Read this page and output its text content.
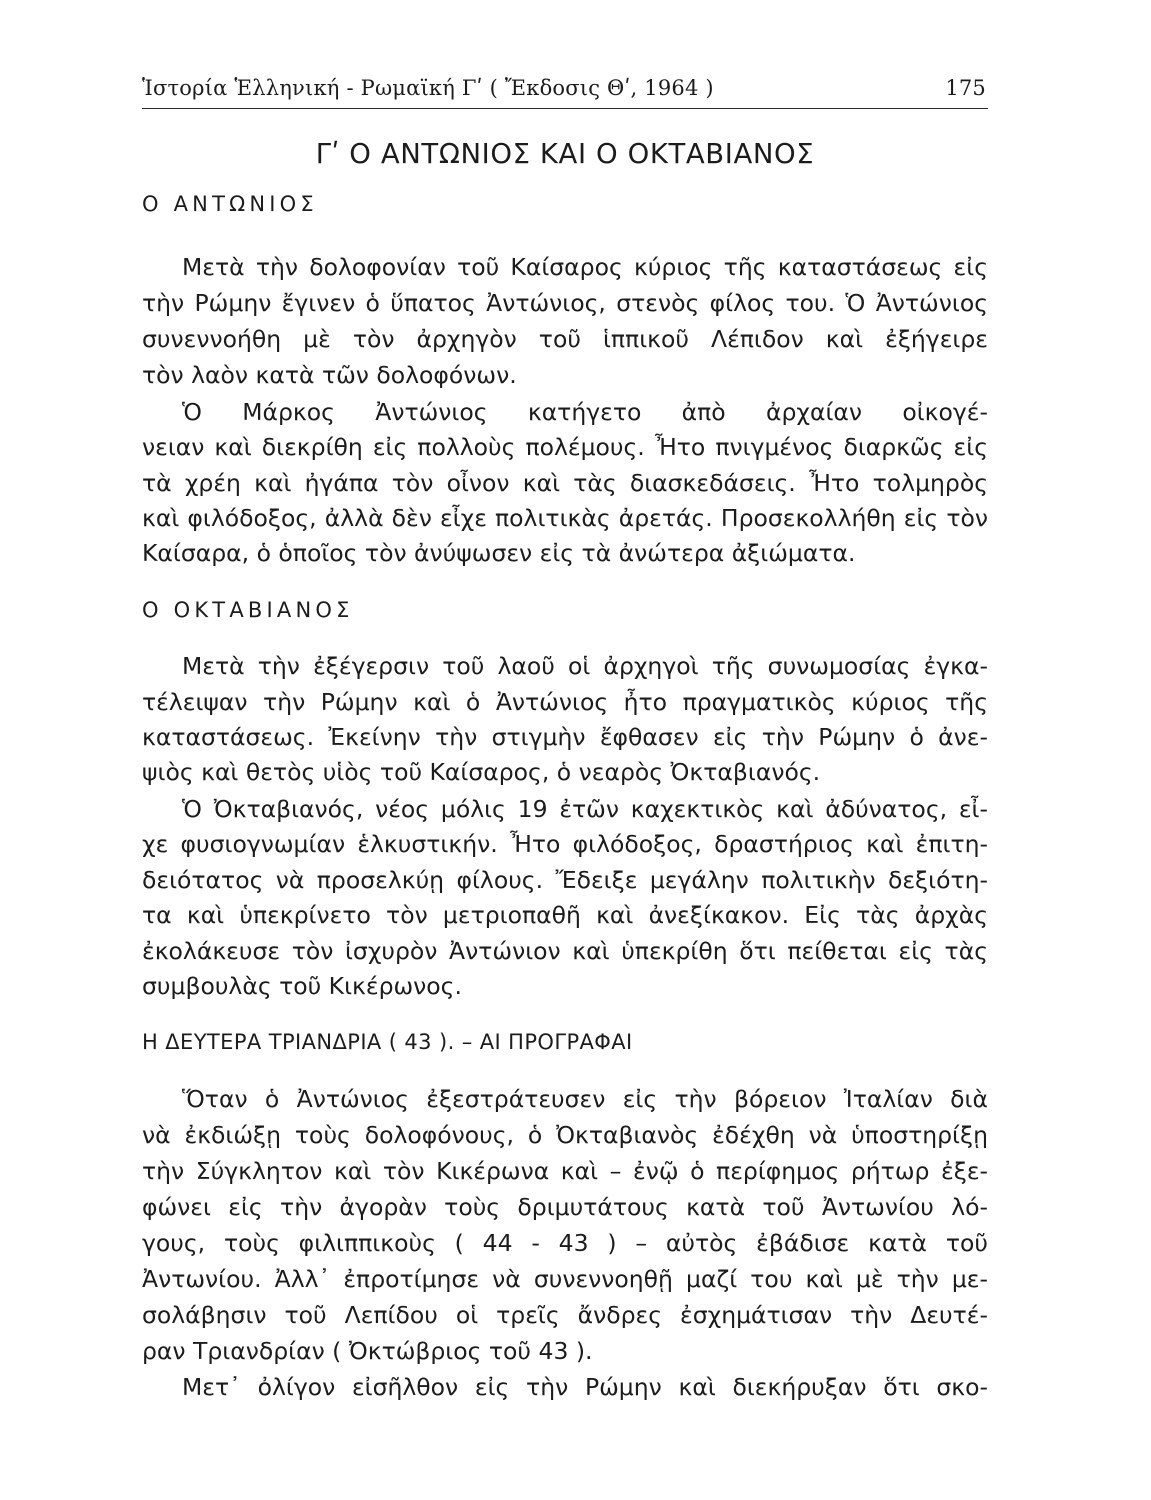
Ἱστορία Ἑλληνική - Ρωμαϊκή Γʹ ( Ἔκδοσις Θʹ, 1964 )	175
Γʹ Ο ΑΝΤΩΝΙΟΣ ΚΑΙ Ο ΟΚΤΑΒΙΑΝΟΣ
Ο ΑΝΤΩΝΙΟΣ
Μετὰ τὴν δολοφονίαν τοῦ Καίσαρος κύριος τῆς καταστάσεως εἰς
τὴν Ρώμην ἔγινεν ὁ ὕπατος Ἀντώνιος, στενὸς φίλος του. Ὁ Ἀντώνιος
συνεννοήθη μὲ τὸν ἀρχηγὸν τοῦ ἱππικοῦ Λέπιδον καὶ ἐξήγειρε
τὸν λαὸν κατὰ τῶν δολοφόνων.
Ὁ Μάρκος Ἀντώνιος κατήγετο ἀπὸ ἀρχαίαν οἰκογέ-
νειαν καὶ διεκρίθη εἰς πολλοὺς πολέμους. Ἦτο πνιγμένος διαρκῶς εἰς
τὰ χρέη καὶ ἠγάπα τὸν οἶνον καὶ τὰς διασκεδάσεις. Ἦτο τολμηρὸς
καὶ φιλόδοξος, ἀλλὰ δὲν εἶχε πολιτικὰς ἀρετάς. Προσεκολλήθη εἰς τὸν
Καίσαρα, ὁ ὁποῖος τὸν ἀνύψωσεν εἰς τὰ ἀνώτερα ἀξιώματα.
Ο ΟΚΤΑΒΙΑΝΟΣ
Μετὰ τὴν ἐξέγερσιν τοῦ λαοῦ οἱ ἀρχηγοὶ τῆς συνωμοσίας ἐγκα-
τέλειψαν τὴν Ρώμην καὶ ὁ Ἀντώνιος ἦτο πραγματικὸς κύριος τῆς
καταστάσεως. Ἐκείνην τὴν στιγμὴν ἔφθασεν εἰς τὴν Ρώμην ὁ ἀνε-
ψιὸς καὶ θετὸς υἱὸς τοῦ Καίσαρος, ὁ νεαρὸς Ὀκταβιανός.
Ὁ Ὀκταβιανός, νέος μόλις 19 ἐτῶν καχεκτικὸς καὶ ἀδύνατος, εἶ-
χε φυσιογνωμίαν ἑλκυστικήν. Ἦτο φιλόδοξος, δραστήριος καὶ ἐπιτη-
δειότατος νὰ προσελκύῃ φίλους. Ἔδειξε μεγάλην πολιτικὴν δεξιότη-
τα καὶ ὑπεκρίνετο τὸν μετριοπαθῆ καὶ ἀνεξίκακον. Εἰς τὰς ἀρχὰς
ἐκολάκευσε τὸν ἰσχυρὸν Ἀντώνιον καὶ ὑπεκρίθη ὅτι πείθεται εἰς τὰς
συμβουλὰς τοῦ Κικέρωνος.
Η ΔΕΥΤΕΡΑ ΤΡΙΑΝΔΡΙΑ ( 43 ). – ΑΙ ΠΡΟΓΡΑΦΑΙ
Ὅταν ὁ Ἀντώνιος ἐξεστράτευσεν εἰς τὴν βόρειον Ἰταλίαν διὰ
νὰ ἐκδιώξῃ τοὺς δολοφόνους, ὁ Ὀκταβιανὸς ἐδέχθη νὰ ὑποστηρίξῃ
τὴν Σύγκλητον καὶ τὸν Κικέρωνα καὶ – ἐνῷ ὁ περίφημος ρήτωρ ἐξε-
φώνει εἰς τὴν ἀγορὰν τοὺς δριμυτάτους κατὰ τοῦ Ἀντωνίου λό-
γους, τοὺς φιλιππικοὺς ( 44 - 43 ) – αὐτὸς ἐβάδισε κατὰ τοῦ
Ἀντωνίου. Ἀλλ᾽ ἐπροτίμησε νὰ συνεννοηθῇ μαζί του καὶ μὲ τὴν με-
σολάβησιν τοῦ Λεπίδου οἱ τρεῖς ἄνδρες ἐσχημάτισαν τὴν Δευτέ-
ραν Τριανδρίαν ( Ὀκτώβριος τοῦ 43 ).
Μετ᾽ ὀλίγον εἰσῆλθον εἰς τὴν Ρώμην καὶ διεκήρυξαν ὅτι σκο-
